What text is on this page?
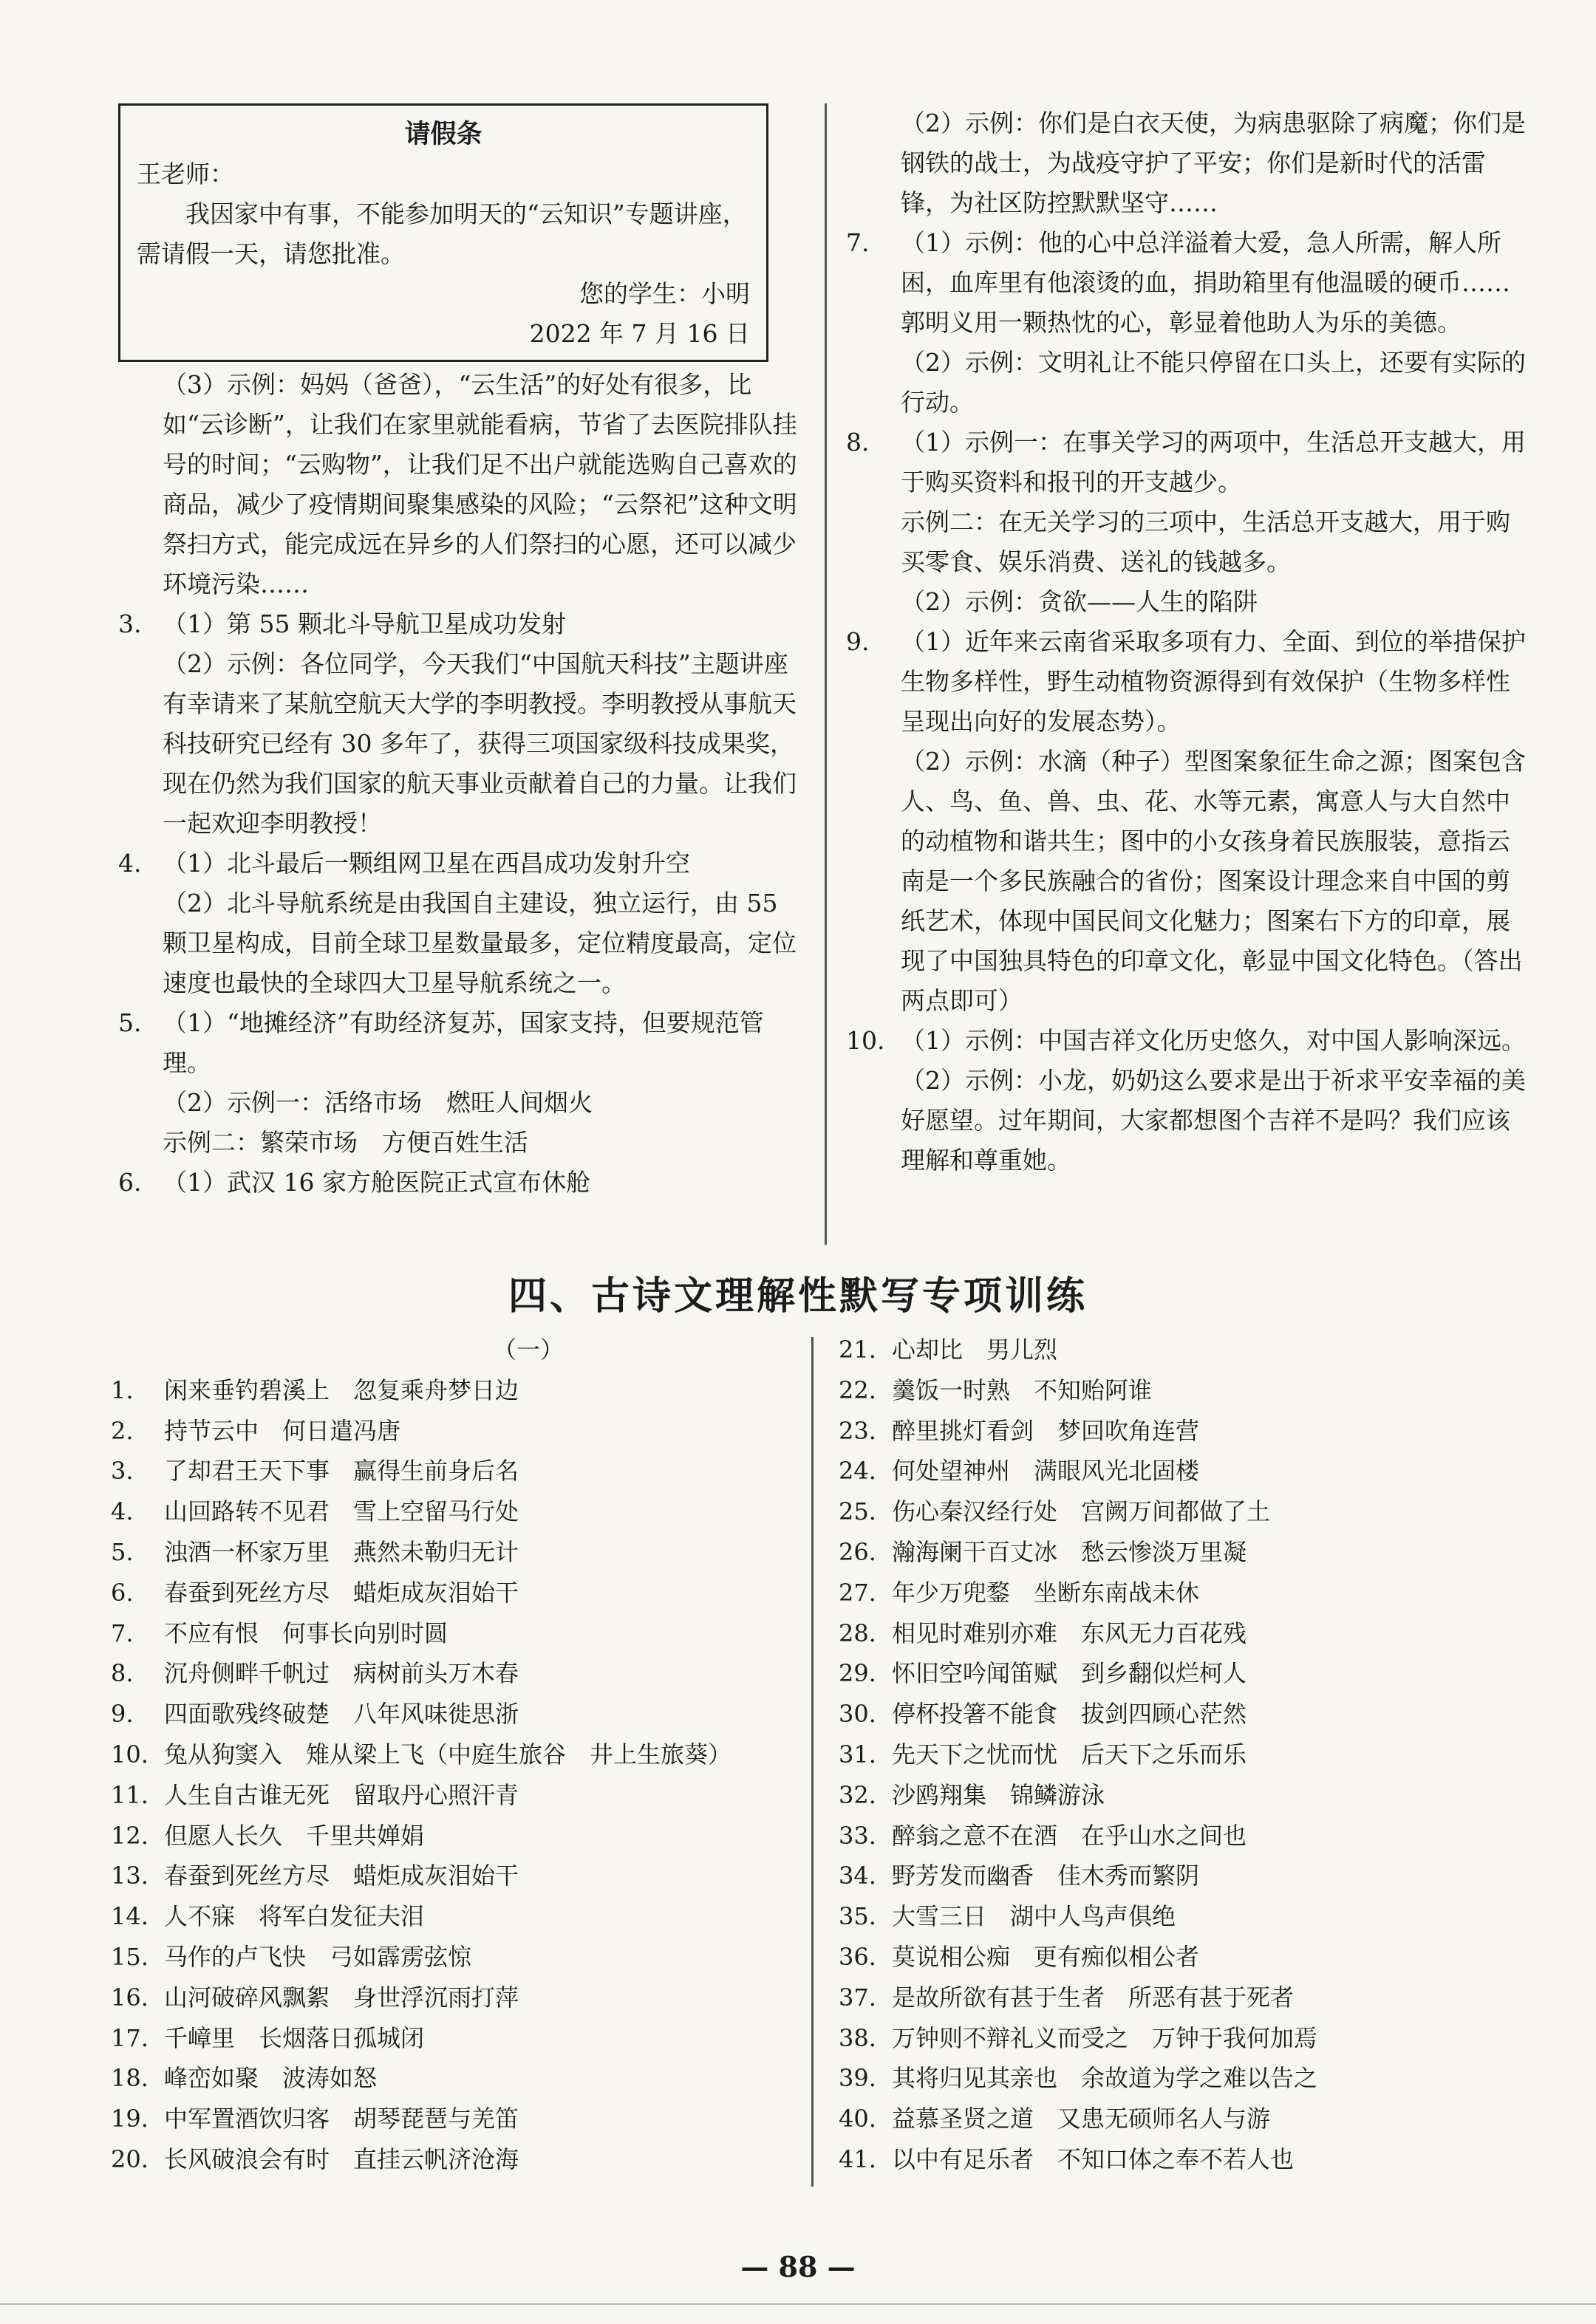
请假条
王老师：
我因家中有事，不能参加明天的“云知识”专题讲座，需请假一天，请您批准。
您的学生：小明
2022 年 7 月 16 日
（3）示例：妈妈（爸爸），“云生活”的好处有很多，比如“云诊断”，让我们在家里就能看病，节省了去医院排队挂号的时间；“云购物”，让我们足不出户就能选购自己喜欢的商品，减少了疫情期间聚集感染的风险；“云祭祀”这种文明祭扫方式，能完成远在异乡的人们祭扫的心愿，还可以减少环境污染……
3. （1）第 55 颗北斗导航卫星成功发射
（2）示例：各位同学，今天我们“中国航天科技”主题讲座有幸请来了某航空航天大学的李明教授。李明教授从事航天科技研究已经有 30 多年了，获得三项国家级科技成果奖，现在仍然为我们国家的航天事业贡献着自己的力量。让我们一起欢迎李明教授！
4. （1）北斗最后一颗组网卫星在西昌成功发射升空
（2）北斗导航系统是由我国自主建设，独立运行，由 55 颗卫星构成，目前全球卫星数量最多，定位精度最高，定位速度也最快的全球四大卫星导航系统之一。
5. （1）“地摊经济”有助经济复苏，国家支持，但要规范管理。
（2）示例一：活络市场　燃旺人间烟火
示例二：繁荣市场　方便百姓生活
6. （1）武汉 16 家方舱医院正式宣布休舱
（2）示例：你们是白衣天使，为病患驱除了病魔；你们是钢铁的战士，为战疫守护了平安；你们是新时代的活雷锋，为社区防控默默坚守……
7.	（1）示例：他的心中总洋溢着大爱，急人所需，解人所困，血库里有他滚烫的血，捐助箱里有他温暖的硬币……郭明义用一颗热忱的心，彰显着他助人为乐的美德。
（2）示例：文明礼让不能只停留在口头上，还要有实际的行动。
8.	（1）示例一：在事关学习的两项中，生活总开支越大，用于购买资料和报刊的开支越少。
示例二：在无关学习的三项中，生活总开支越大，用于购买零食、娱乐消费、送礼的钱越多。
（2）示例：贪欲——人生的陷阱
9.	（1）近年来云南省采取多项有力、全面、到位的举措保护生物多样性，野生动植物资源得到有效保护（生物多样性呈现出向好的发展态势）。
（2）示例：水滴（种子）型图案象征生命之源；图案包含人、鸟、鱼、兽、虫、花、水等元素，寓意人与大自然中的动植物和谐共生；图中的小女孩身着民族服装，意指云南是一个多民族融合的省份；图案设计理念来自中国的剪纸艺术，体现中国民间文化魅力；图案右下方的印章，展现了中国独具特色的印章文化，彰显中国文化特色。（答出两点即可）
10. （1）示例：中国吉祥文化历史悠久，对中国人影响深远。
（2）示例：小龙，奶奶这么要求是出于祈求平安幸福的美好愿望。过年期间，大家都想图个吉祥不是吗？我们应该理解和尊重她。
四、古诗文理解性默写专项训练
（一）
1.	闲来垂钓碧溪上 忽复乘舟梦日边
2.	持节云中 何日遣冯唐
3.	了却君王天下事 赢得生前身后名
4.	山回路转不见君 雪上空留马行处
5.	浊酒一杯家万里 燕然未勒归无计
6.	春蚕到死丝方尽 蜡炬成灰泪始干
7.	不应有恨 何事长向别时圆
8.	沉舟侧畔千帆过 病树前头万木春
9.	四面歌残终破楚 八年风味徙思浙
10. 兔从狗窦入 雉从梁上飞（中庭生旅谷　井上生旅葵）
11. 人生自古谁无死 留取丹心照汗青
12. 但愿人长久 千里共婵娟
13. 春蚕到死丝方尽 蜡炬成灰泪始干
14. 人不寐 将军白发征夫泪
15. 马作的卢飞快 弓如霹雳弦惊
16. 山河破碎风飘絮 身世浮沉雨打萍
17. 千嶂里 长烟落日孤城闭
18. 峰峦如聚 波涛如怒
19. 中军置酒饮归客 胡琴琵琶与羌笛
20. 长风破浪会有时 直挂云帆济沧海
21. 心却比 男儿烈
22. 羹饭一时熟 不知贻阿谁
23. 醉里挑灯看剑 梦回吹角连营
24. 何处望神州 满眼风光北固楼
25. 伤心秦汉经行处 宫阙万间都做了土
26. 瀚海阑干百丈冰 愁云惨淡万里凝
27. 年少万兜鍪 坐断东南战未休
28. 相见时难别亦难 东风无力百花残
29. 怀旧空吟闻笛赋 到乡翻似烂柯人
30. 停杯投箸不能食 拔剑四顾心茫然
31. 先天下之忧而忧 后天下之乐而乐
32. 沙鸥翔集 锦鳞游泳
33. 醉翁之意不在酒 在乎山水之间也
34. 野芳发而幽香 佳木秀而繁阴
35. 大雪三日 湖中人鸟声俱绝
36. 莫说相公痴 更有痴似相公者
37. 是故所欲有甚于生者 所恶有甚于死者
38. 万钟则不辩礼义而受之 万钟于我何加焉
39. 其将归见其亲也 余故道为学之难以告之
40. 益慕圣贤之道 又患无硕师名人与游
41. 以中有足乐者 不知口体之奉不若人也
— 88 —
